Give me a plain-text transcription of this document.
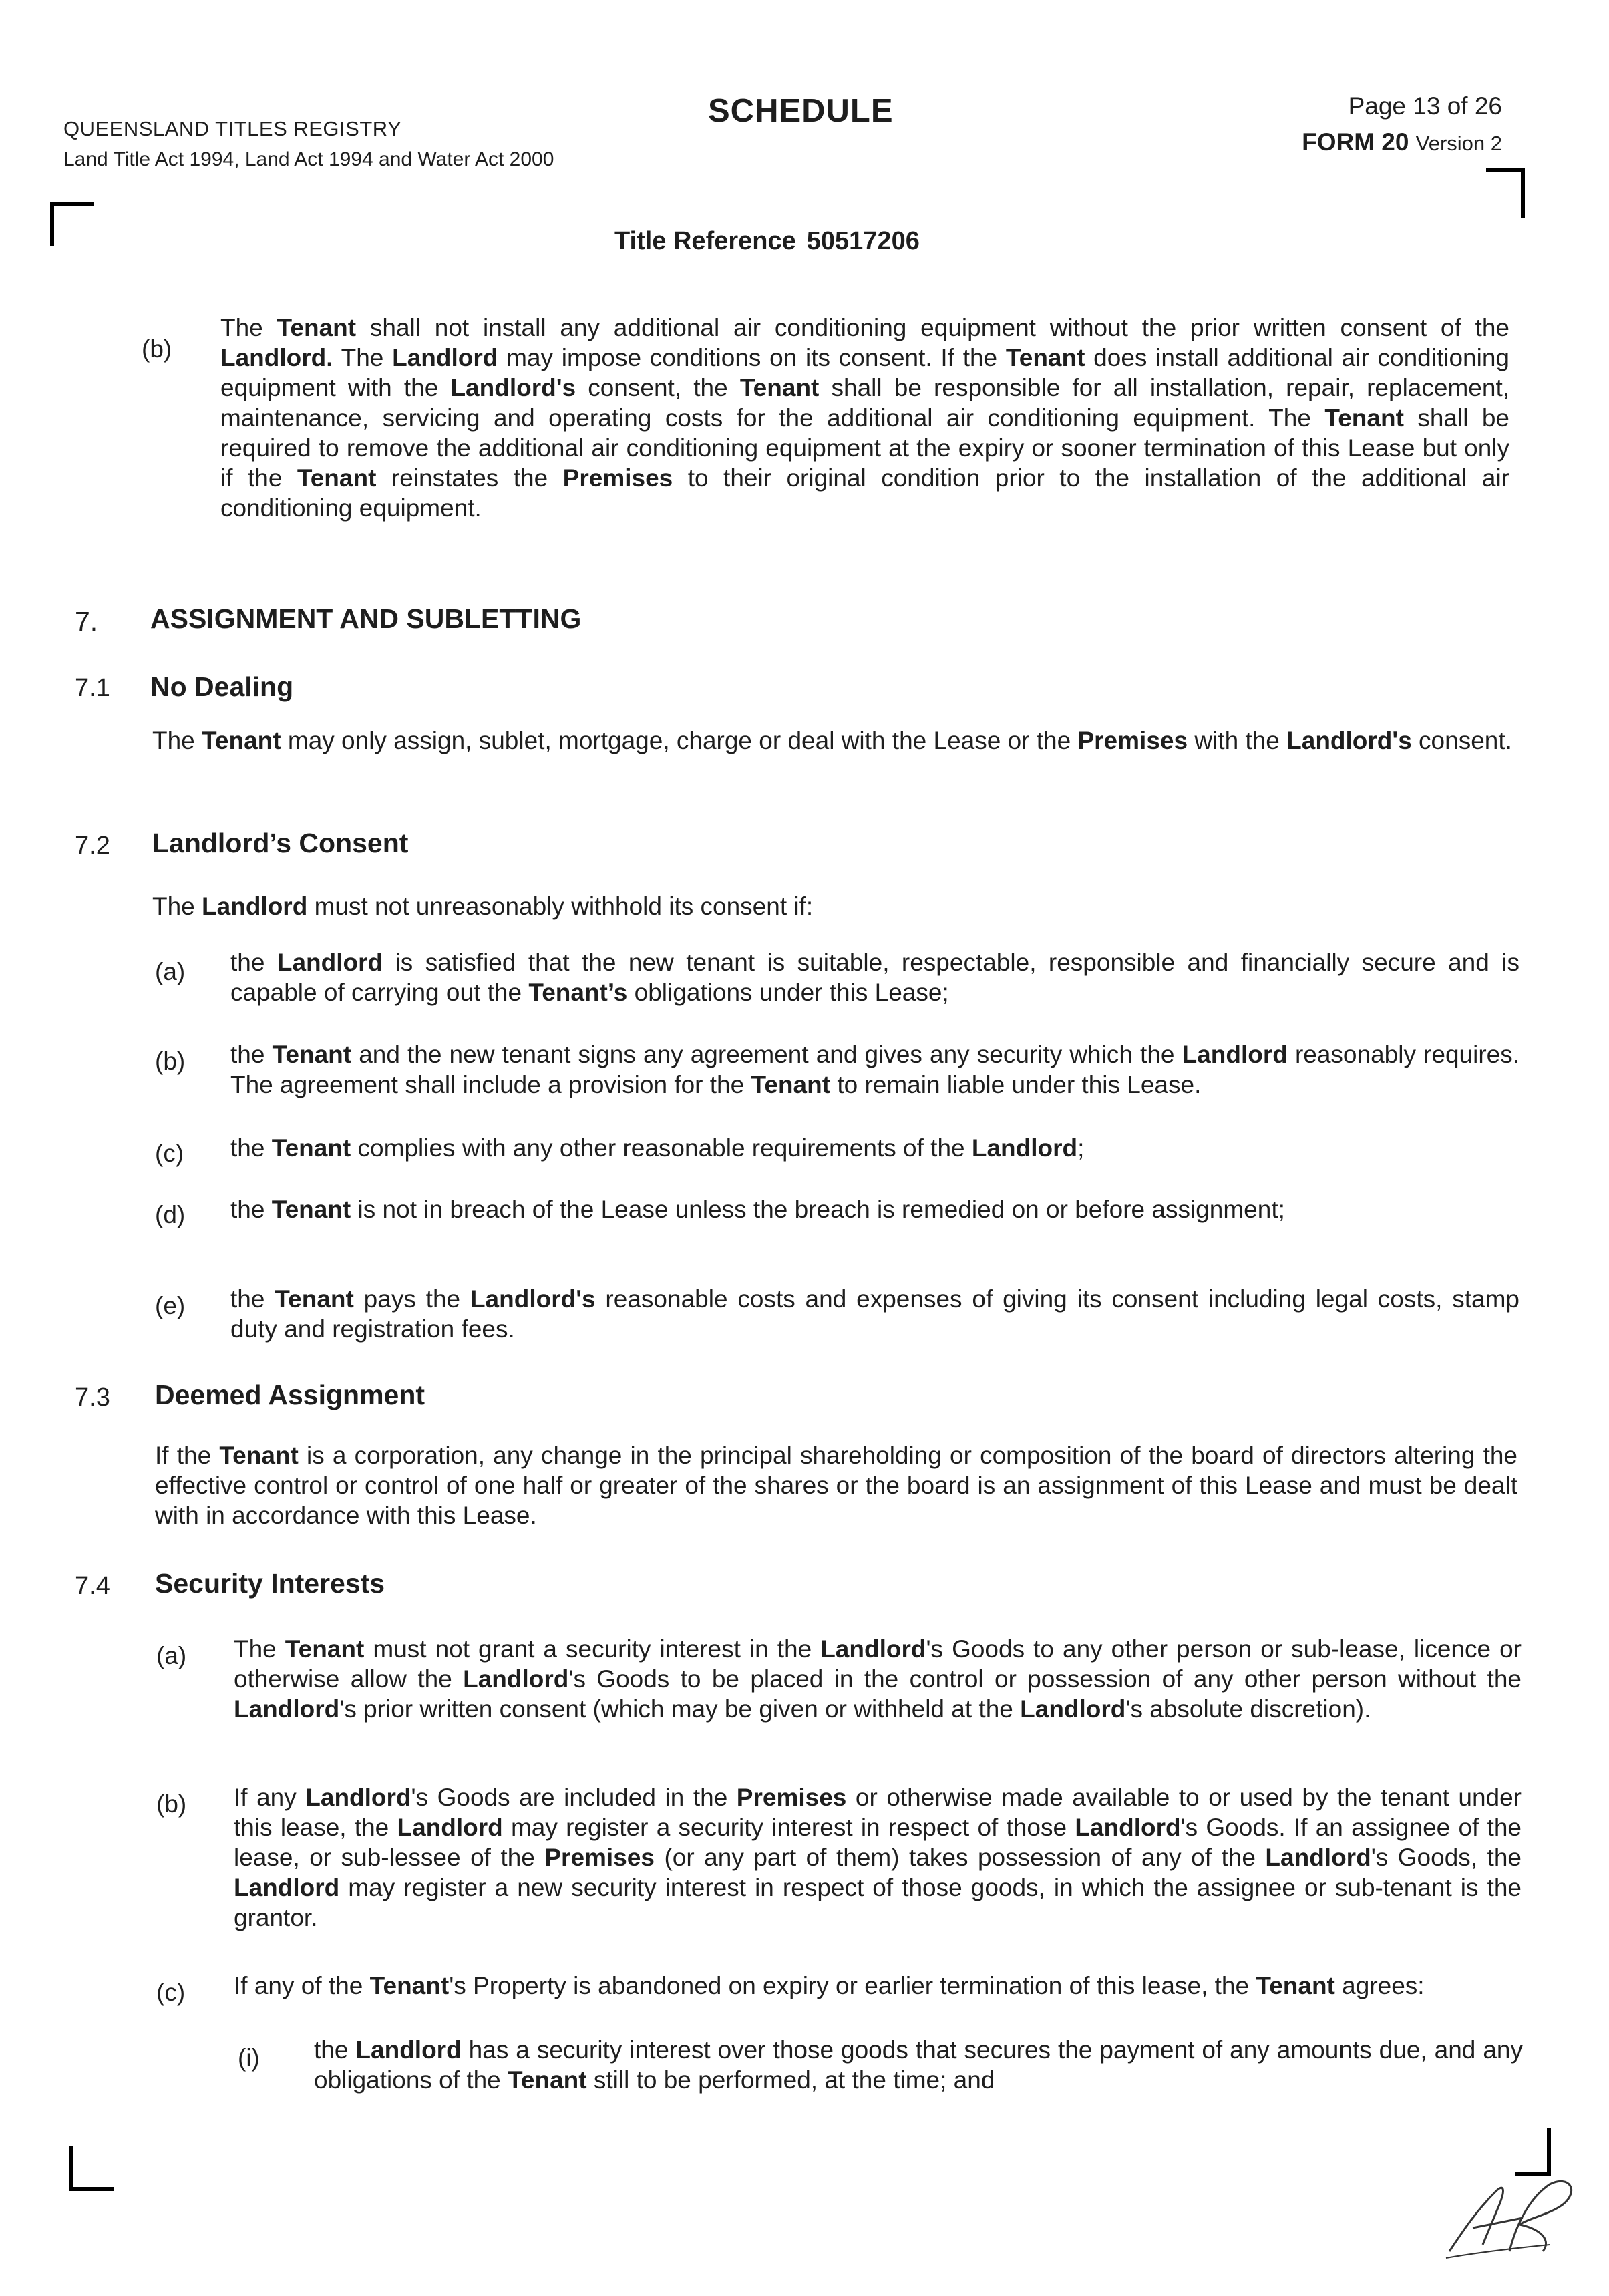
QUEENSLAND TITLES REGISTRY
Land Title Act 1994, Land Act 1994 and Water Act 2000
SCHEDULE	Page 13 of 26
FORM 20 Version 2
Title Reference 50517206
(b)
The Tenant shall not install any additional air conditioning equipment without the prior written consent of the Landlord. The Landlord may impose conditions on its consent. If the Tenant does install additional air conditioning equipment with the Landlord's consent, the Tenant shall be responsible for all installation, repair, replacement, maintenance, servicing and operating costs for the additional air conditioning equipment. The Tenant shall be required to remove the additional air conditioning equipment at the expiry or sooner termination of this Lease but only if the Tenant reinstates the Premises to their original condition prior to the installation of the additional air conditioning equipment.
7. ASSIGNMENT AND SUBLETTING
7.1 No Dealing
The Tenant may only assign, sublet, mortgage, charge or deal with the Lease or the Premises with the Landlord's consent.
7.2 Landlord’s Consent
The Landlord must not unreasonably withhold its consent if:
(a) the Landlord is satisfied that the new tenant is suitable, respectable, responsible and financially secure and is capable of carrying out the Tenant’s obligations under this Lease;
(b) the Tenant and the new tenant signs any agreement and gives any security which the Landlord reasonably requires. The agreement shall include a provision for the Tenant to remain liable under this Lease.
(c) the Tenant complies with any other reasonable requirements of the Landlord;
(d) the Tenant is not in breach of the Lease unless the breach is remedied on or before assignment;
(e) the Tenant pays the Landlord's reasonable costs and expenses of giving its consent including legal costs, stamp duty and registration fees.
7.3 Deemed Assignment
If the Tenant is a corporation, any change in the principal shareholding or composition of the board of directors altering the effective control or control of one half or greater of the shares or the board is an assignment of this Lease and must be dealt with in accordance with this Lease.
7.4 Security Interests
(a) The Tenant must not grant a security interest in the Landlord's Goods to any other person or sub-lease, licence or otherwise allow the Landlord's Goods to be placed in the control or possession of any other person without the Landlord's prior written consent (which may be given or withheld at the Landlord's absolute discretion).
(b) If any Landlord's Goods are included in the Premises or otherwise made available to or used by the tenant under this lease, the Landlord may register a security interest in respect of those Landlord's Goods. If an assignee of the lease, or sub-lessee of the Premises (or any part of them) takes possession of any of the Landlord's Goods, the Landlord may register a new security interest in respect of those goods, in which the assignee or sub-tenant is the grantor.
(c) If any of the Tenant's Property is abandoned on expiry or earlier termination of this lease, the Tenant agrees:
(i) the Landlord has a security interest over those goods that secures the payment of any amounts due, and any obligations of the Tenant still to be performed, at the time; and
